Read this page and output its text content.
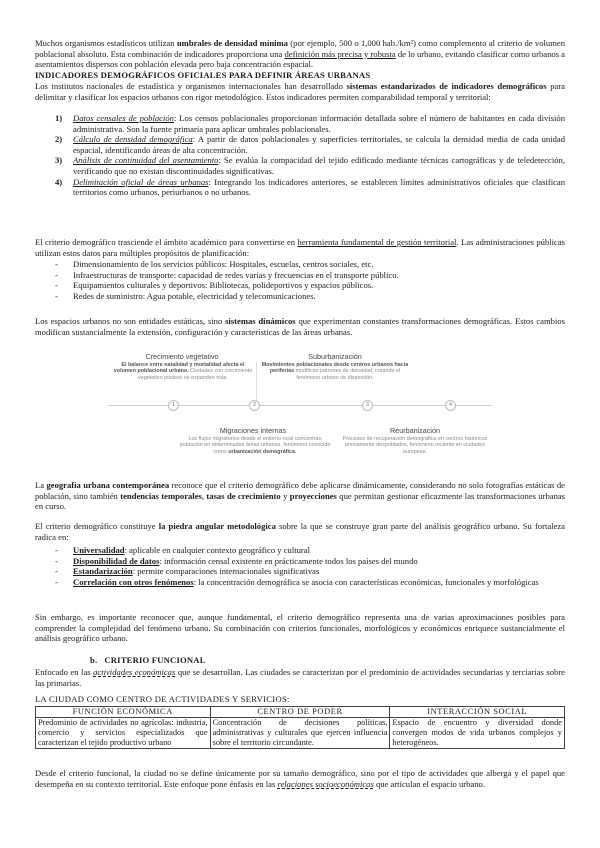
Muchos organismos estadísticos utilizan umbrales de densidad mínima (por ejemplo, 500 o 1,000 hab./km²) como complemento al criterio de volumen poblacional absoluto. Esta combinación de indicadores proporciona una definición más precisa y robusta de lo urbano, evitando clasificar como urbanos a asentamientos dispersos con población elevada pero baja concentración espacial.

INDICADORES DEMOGRÁFICOS OFICIALES PARA DEFINIR ÁREAS URBANAS

Los institutos nacionales de estadística y organismos internacionales han desarrollado sistemas estandarizados de indicadores demográficos para delimitar y clasificar los espacios urbanos con rigor metodológico. Estos indicadores permiten comparabilidad temporal y territorial:

1) Datos censales de población: Los censos poblacionales proporcionan información detallada sobre el número de habitantes en cada división administrativa. Son la fuente primaria para aplicar umbrales poblacionales.
2) Cálculo de densidad demográfica: A partir de datos poblacionales y superficies territoriales, se calcula la densidad media de cada unidad espacial, identificando áreas de alta concentración.
3) Análisis de continuidad del asentamiento: Se evalúa la compacidad del tejido edificado mediante técnicas cartográficas y de teledetección, verificando que no existan discontinuidades significativas.
4) Delimitación oficial de áreas urbanas: Integrando los indicadores anteriores, se establecen límites administrativos oficiales que clasifican territorios como urbanos, periurbanos o no urbanos.

El criterio demográfico trasciende el ámbito académico para convertirse en herramienta fundamental de gestión territorial. Las administraciones públicas utilizan estos datos para múltiples propósitos de planificación:

- Dimensionamiento de los servicios públicos: Hospitales, escuelas, centros sociales, etc.
- Infraestructuras de transporte: capacidad de redes varias y frecuencias en el transporte público.
- Equipamientos culturales y deportivos: Bibliotecas, polideportivos y espacios públicos.
- Redes de suministro: Agua potable, electricidad y telecomunicaciones.

Los espacios urbanos no son entidades estáticas, sino sistemas dinámicos que experimentan constantes transformaciones demográficas. Estos cambios modifican sustancialmente la extensión, configuración y características de las áreas urbanas.

Crecimiento vegetativo
El balance entre natalidad y mortalidad afecta el volumen poblacional urbano. Ciudades con crecimiento vegetativo positivo se expanden más.
Suburbanización
Movimientos poblacionales desde centros urbanos hacia periferias modifican patrones de densidad, creando el fenómeno urbano de dispersión.
1	2	3	4
Migraciones internas
Los flujos migratorios desde el entorno rural concentran población en determinadas áreas urbanas, fenómeno conocido como urbanización demográfica.
Reurbanización
Procesos de recuperación demográfica en centros históricos previamente despoblados, fenómeno reciente en ciudades europeas.

La geografía urbana contemporánea reconoce que el criterio demográfico debe aplicarse dinámicamente, considerando no solo fotografías estáticas de población, sino también tendencias temporales, tasas de crecimiento y proyecciones que permitan gestionar eficazmente las transformaciones urbanas en curso.

El criterio demográfico constituye la piedra angular metodológica sobre la que se construye gran parte del análisis geográfico urbano. Su fortaleza radica en:

- Universalidad: aplicable en cualquier contexto geográfico y cultural
- Disponibilidad de datos: información censal existente en prácticamente todos los países del mundo
- Estandarización: permite comparaciones internacionales significativas
- Correlación con otros fenómenos: la concentración demográfica se asocia con características económicas, funcionales y morfológicas

Sin embargo, es importante reconocer que, aunque fundamental, el criterio demográfico representa una de varias aproximaciones posibles para comprender la complejidad del fenómeno urbano. Su combinación con criterios funcionales, morfológicos y económicos enriquece sustancialmente el análisis geográfico urbano.

b. CRITERIO FUNCIONAL

Enfocado en las actividades económicas que se desarrollan. Las ciudades se caracterizan por el predominio de actividades secundarias y terciarias sobre las primarias.

LA CIUDAD COMO CENTRO DE ACTIVIDADES Y SERVICIOS:

FUNCIÓN ECONÓMICA	CENTRO DE PODER	INTERACCIÓN SOCIAL
Predominio de actividades no agrícolas: industria, comercio y servicios especializados que caracterizan el tejido productivo urbano	Concentración de decisiones políticas, administrativas y culturales que ejercen influencia sobre el territorio circundante.	Espacio de encuentro y diversidad donde convergen modos de vida urbanos complejos y heterogéneos.

Desde el criterio funcional, la ciudad no se define únicamente por su tamaño demográfico, sino por el tipo de actividades que alberga y el papel que desempeña en su contexto territorial. Este enfoque pone énfasis en las relaciones socioeconómicas que articulan el espacio urbano.
